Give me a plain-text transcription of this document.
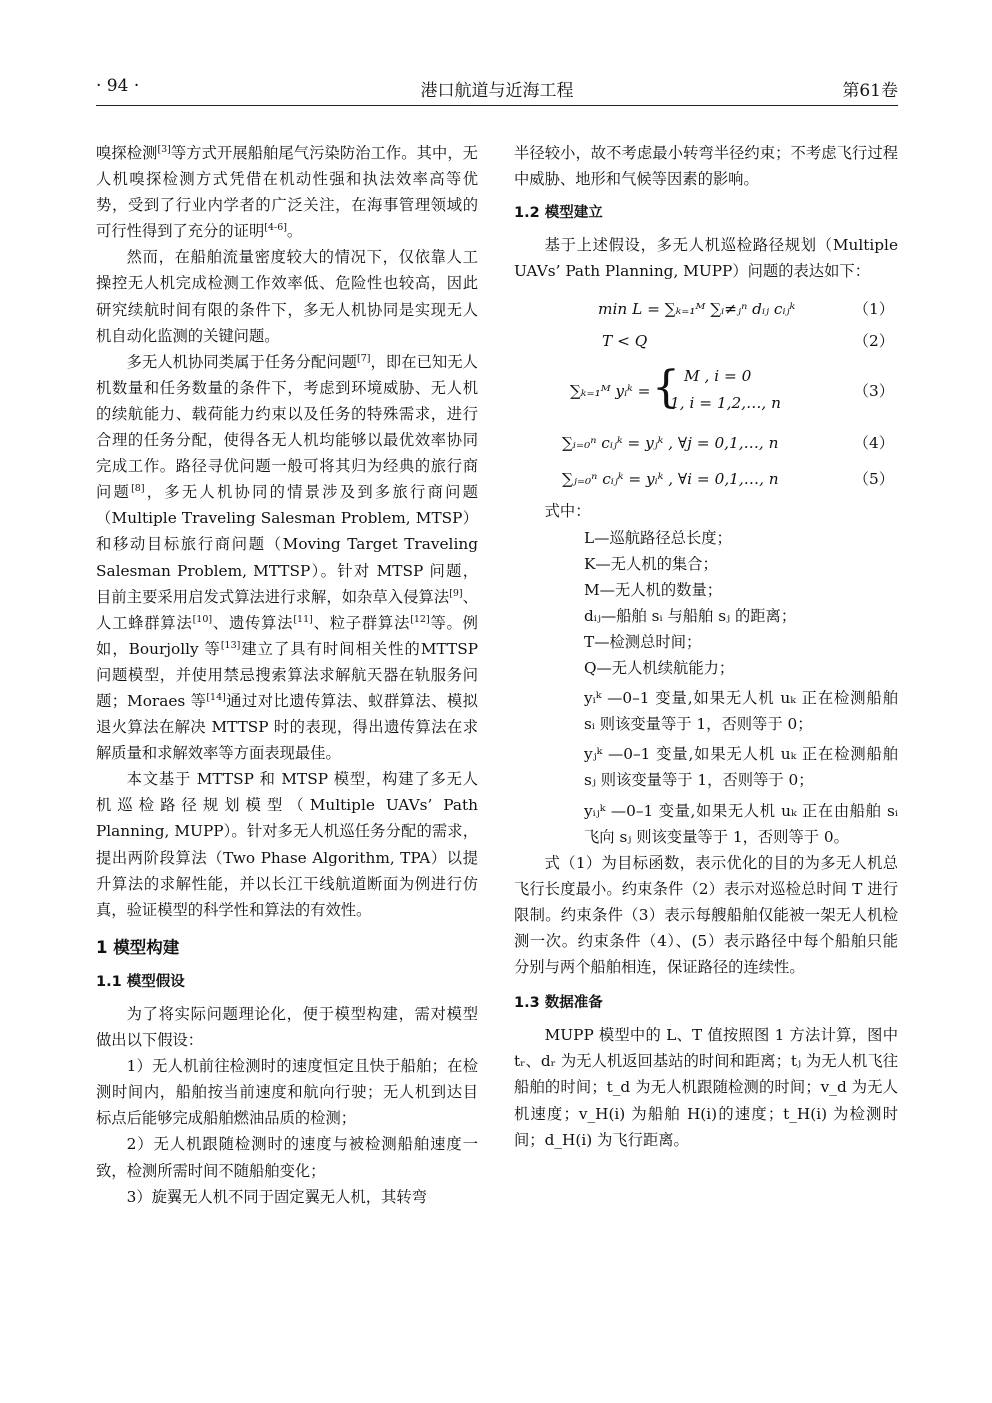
· 94 ·	港口航道与近海工程	第61卷

嗅探检测[3]等方式开展船舶尾气污染防治工作。其中，无人机嗅探检测方式凭借在机动性强和执法效率高等优势，受到了行业内学者的广泛关注，在海事管理领域的可行性得到了充分的证明[4-6]。

然而，在船舶流量密度较大的情况下，仅依靠人工操控无人机完成检测工作效率低、危险性也较高，因此研究续航时间有限的条件下，多无人机协同是实现无人机自动化监测的关键问题。

多无人机协同类属于任务分配问题[7]，即在已知无人机数量和任务数量的条件下，考虑到环境威胁、无人机的续航能力、载荷能力约束以及任务的特殊需求，进行合理的任务分配，使得各无人机均能够以最优效率协同完成工作。路径寻优问题一般可将其归为经典的旅行商问题[8]，多无人机协同的情景涉及到多旅行商问题（Multiple Traveling Salesman Problem, MTSP）和移动目标旅行商问题（Moving Target Traveling Salesman Problem, MTTSP）。针对 MTSP 问题，目前主要采用启发式算法进行求解，如杂草入侵算法[9]、人工蜂群算法[10]、遗传算法[11]、粒子群算法[12]等。例如，Bourjolly 等[13]建立了具有时间相关性的MTTSP 问题模型，并使用禁忌搜索算法求解航天器在轨服务问题；Moraes 等[14]通过对比遗传算法、蚁群算法、模拟退火算法在解决 MTTSP 时的表现，得出遗传算法在求解质量和求解效率等方面表现最佳。

本文基于 MTTSP 和 MTSP 模型，构建了多无人机巡检路径规划模型（Multiple UAVs’ Path Planning, MUPP）。针对多无人机巡任务分配的需求，提出两阶段算法（Two Phase Algorithm, TPA）以提升算法的求解性能，并以长江干线航道断面为例进行仿真，验证模型的科学性和算法的有效性。

1 模型构建
1.1 模型假设

为了将实际问题理论化，便于模型构建，需对模型做出以下假设：

1）无人机前往检测时的速度恒定且快于船舶；在检测时间内，船舶按当前速度和航向行驶；无人机到达目标点后能够完成船舶燃油品质的检测；

2）无人机跟随检测时的速度与被检测船舶速度一致，检测所需时间不随船舶变化；

3）旋翼无人机不同于固定翼无人机，其转弯

半径较小，故不考虑最小转弯半径约束；不考虑飞行过程中威胁、地形和气候等因素的影响。

1.2 模型建立

基于上述假设，多无人机巡检路径规划（Multiple UAVs’ Path Planning, MUPP）问题的表达如下：

min L = ∑ₖ₌₁ᴹ ∑ᵢ≠ⱼⁿ dᵢⱼ cᵢⱼᵏ	（1）
T < Q	（2）
∑ₖ₌₁ᴹ yᵢᵏ = { M , i = 0
1, i = 1,2,…, n
（3）
∑ᵢ₌₀ⁿ cᵢⱼᵏ = yⱼᵏ , ∀j = 0,1,…, n	（4）
∑ⱼ₌₀ⁿ cᵢⱼᵏ = yᵢᵏ , ∀i = 0,1,…, n	（5）

式中：

L—巡航路径总长度；

K—无人机的集合；

M—无人机的数量；

dᵢⱼ—船舶 sᵢ 与船舶 sⱼ 的距离；

T—检测总时间；

Q—无人机续航能力；

yᵢᵏ —0–1 变量,如果无人机 uₖ 正在检测船舶 sᵢ 则该变量等于 1，否则等于 0；

yⱼᵏ —0–1 变量,如果无人机 uₖ 正在检测船舶 sⱼ 则该变量等于 1，否则等于 0；

yᵢⱼᵏ —0–1 变量,如果无人机 uₖ 正在由船舶 sᵢ 飞向 sⱼ 则该变量等于 1，否则等于 0。

式（1）为目标函数，表示优化的目的为多无人机总飞行长度最小。约束条件（2）表示对巡检总时间 T 进行限制。约束条件（3）表示每艘船舶仅能被一架无人机检测一次。约束条件（4）、(5）表示路径中每个船舶只能分别与两个船舶相连，保证路径的连续性。

1.3 数据准备

MUPP 模型中的 L、T 值按照图 1 方法计算，图中 tᵣ、dᵣ 为无人机返回基站的时间和距离；tⱼ 为无人机飞往船舶的时间；t_d 为无人机跟随检测的时间；v_d 为无人机速度；v_H(i) 为船舶 H(i)的速度；t_H(i) 为检测时间；d_H(i) 为飞行距离。
